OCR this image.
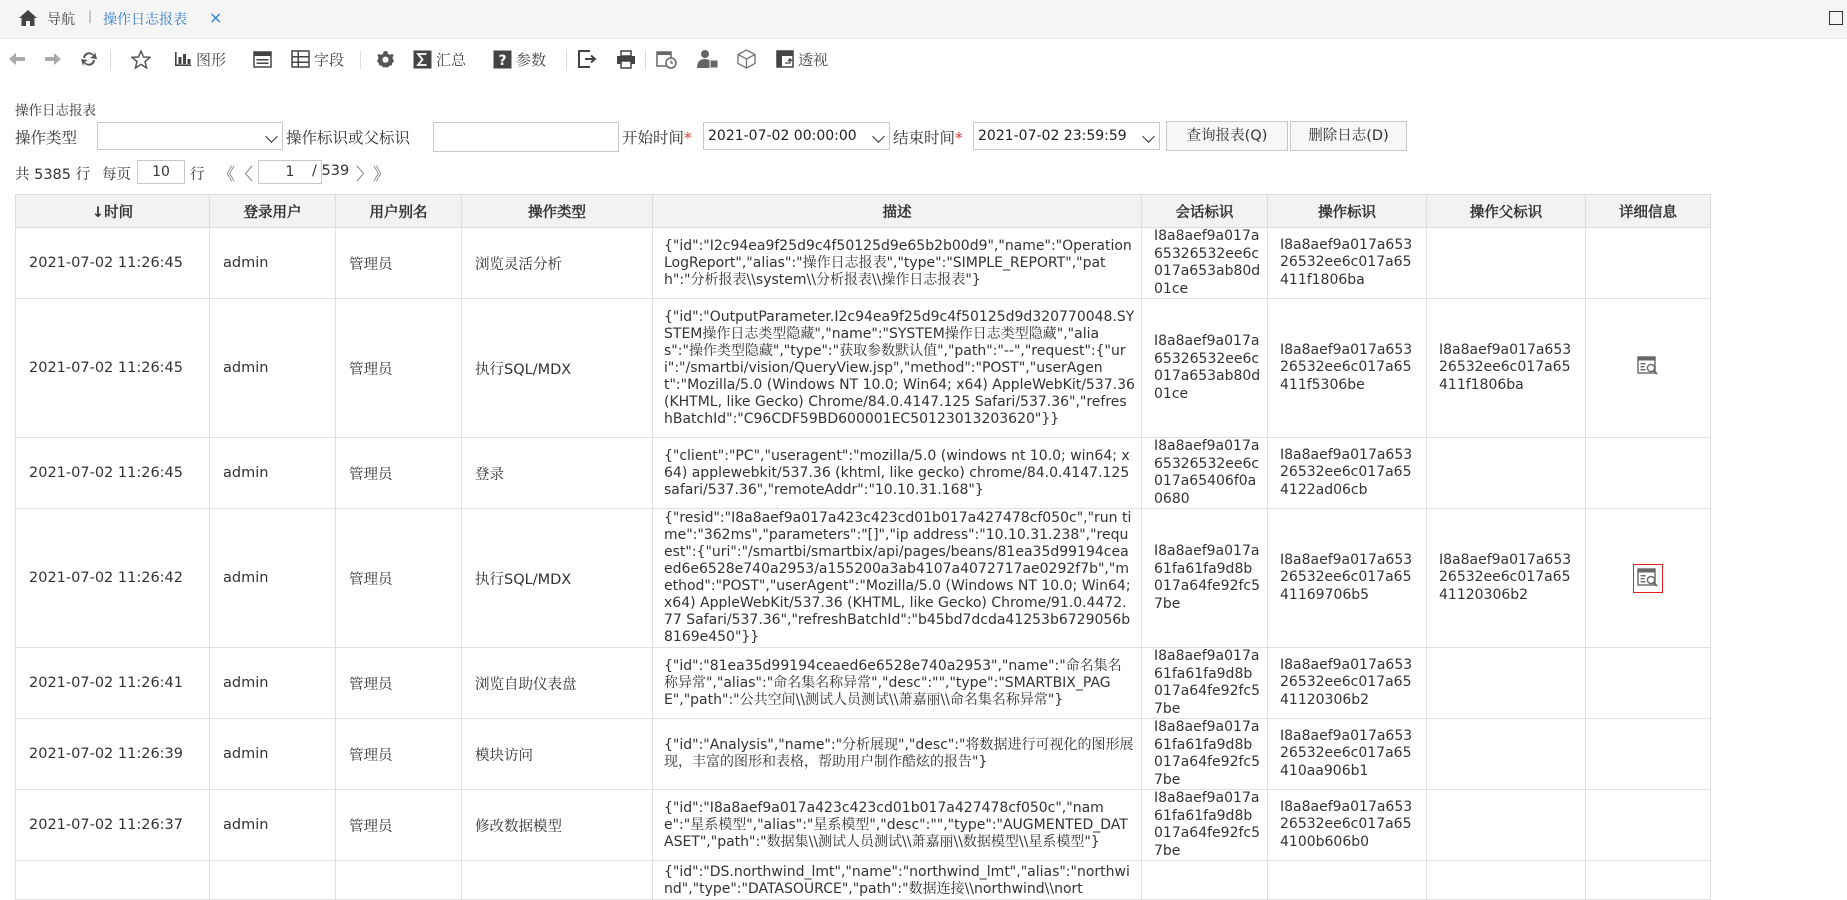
导航 | 操作日志报表 ×
图形	字段	汇总 ? 参数	透视
操作日志报表
操作类型	操作标识或父标识	开始时间*	2021-07-02 00:00:00	结束时间*	2021-07-02 23:59:59	查询报表(Q)	删除日志(D)
共 5385 行 每页	10	行 《 〈	1	/ 539 〉 》
↓时间	登录用户	用户别名	操作类型	描述	会话标识	操作标识	操作父标识	详细信息
2021-07-02 11:26:45	admin	管理员	浏览灵活分析	{"id":"I2c94ea9f25d9c4f50125d9e65b2b00d9","name":"OperationLogReport","alias":"操作日志报表","type":"SIMPLE_REPORT","path":"分析报表\\system\\分析报表\\操作日志报表"}	I8a8aef9a017a65326532ee6c017a653ab80d01ce	I8a8aef9a017a65326532ee6c017a65411f1806ba		
2021-07-02 11:26:45	admin	管理员	执行SQL/MDX	{"id":"OutputParameter.I2c94ea9f25d9c4f50125d9d320770048.SYSTEM操作日志类型隐藏","name":"SYSTEM操作日志类型隐藏","alias":"操作类型隐藏","type":"获取参数默认值","path":"--","request":{"uri":"/smartbi/vision/QueryView.jsp","method":"POST","userAgent":"Mozilla/5.0 (Windows NT 10.0; Win64; x64) AppleWebKit/537.36 (KHTML, like Gecko) Chrome/84.0.4147.125 Safari/537.36","refreshBatchId":"C96CDF59BD600001EC50123013203620"}}	I8a8aef9a017a65326532ee6c017a653ab80d01ce	I8a8aef9a017a65326532ee6c017a65411f5306be	I8a8aef9a017a65326532ee6c017a65411f1806ba	
2021-07-02 11:26:45	admin	管理员	登录	{"client":"PC","useragent":"mozilla/5.0 (windows nt 10.0; win64; x64) applewebkit/537.36 (khtml, like gecko) chrome/84.0.4147.125 safari/537.36","remoteAddr":"10.10.31.168"}	I8a8aef9a017a65326532ee6c017a65406f0a0680	I8a8aef9a017a65326532ee6c017a654122ad06cb		
2021-07-02 11:26:42	admin	管理员	执行SQL/MDX	{"resid":"I8a8aef9a017a423c423cd01b017a427478cf050c","run time":"362ms","parameters":"[]","ip address":"10.10.31.238","request":{"uri":"/smartbi/smartbix/api/pages/beans/81ea35d99194ceaed6e6528e740a2953/a155200a3ab4107a4072717ae0292f7b","method":"POST","userAgent":"Mozilla/5.0 (Windows NT 10.0; Win64; x64) AppleWebKit/537.36 (KHTML, like Gecko) Chrome/91.0.4472.77 Safari/537.36","refreshBatchId":"b45bd7dcda41253b6729056b8169e450"}}	I8a8aef9a017a61fa61fa9d8b017a64fe92fc57be	I8a8aef9a017a65326532ee6c017a6541169706b5	I8a8aef9a017a65326532ee6c017a6541120306b2	
2021-07-02 11:26:41	admin	管理员	浏览自助仪表盘	{"id":"81ea35d99194ceaed6e6528e740a2953","name":"命名集名称异常","alias":"命名集名称异常","desc":"","type":"SMARTBIX_PAGE","path":"公共空间\\测试人员测试\\萧嘉丽\\命名集名称异常"}	I8a8aef9a017a61fa61fa9d8b017a64fe92fc57be	I8a8aef9a017a65326532ee6c017a6541120306b2		
2021-07-02 11:26:39	admin	管理员	模块访问	{"id":"Analysis","name":"分析展现","desc":"将数据进行可视化的图形展现，丰富的图形和表格，帮助用户制作酷炫的报告"}	I8a8aef9a017a61fa61fa9d8b017a64fe92fc57be	I8a8aef9a017a65326532ee6c017a65410aa906b1		
2021-07-02 11:26:37	admin	管理员	修改数据模型	{"id":"I8a8aef9a017a423c423cd01b017a427478cf050c","name":"星系模型","alias":"星系模型","desc":"","type":"AUGMENTED_DATASET","path":"数据集\\测试人员测试\\萧嘉丽\\数据模型\\星系模型"}	I8a8aef9a017a61fa61fa9d8b017a64fe92fc57be	I8a8aef9a017a65326532ee6c017a654100b606b0		
				{"id":"DS.northwind_lmt","name":"northwind_lmt","alias":"northwind","type":"DATASOURCE","path":"数据连接\\northwind\\nort				
